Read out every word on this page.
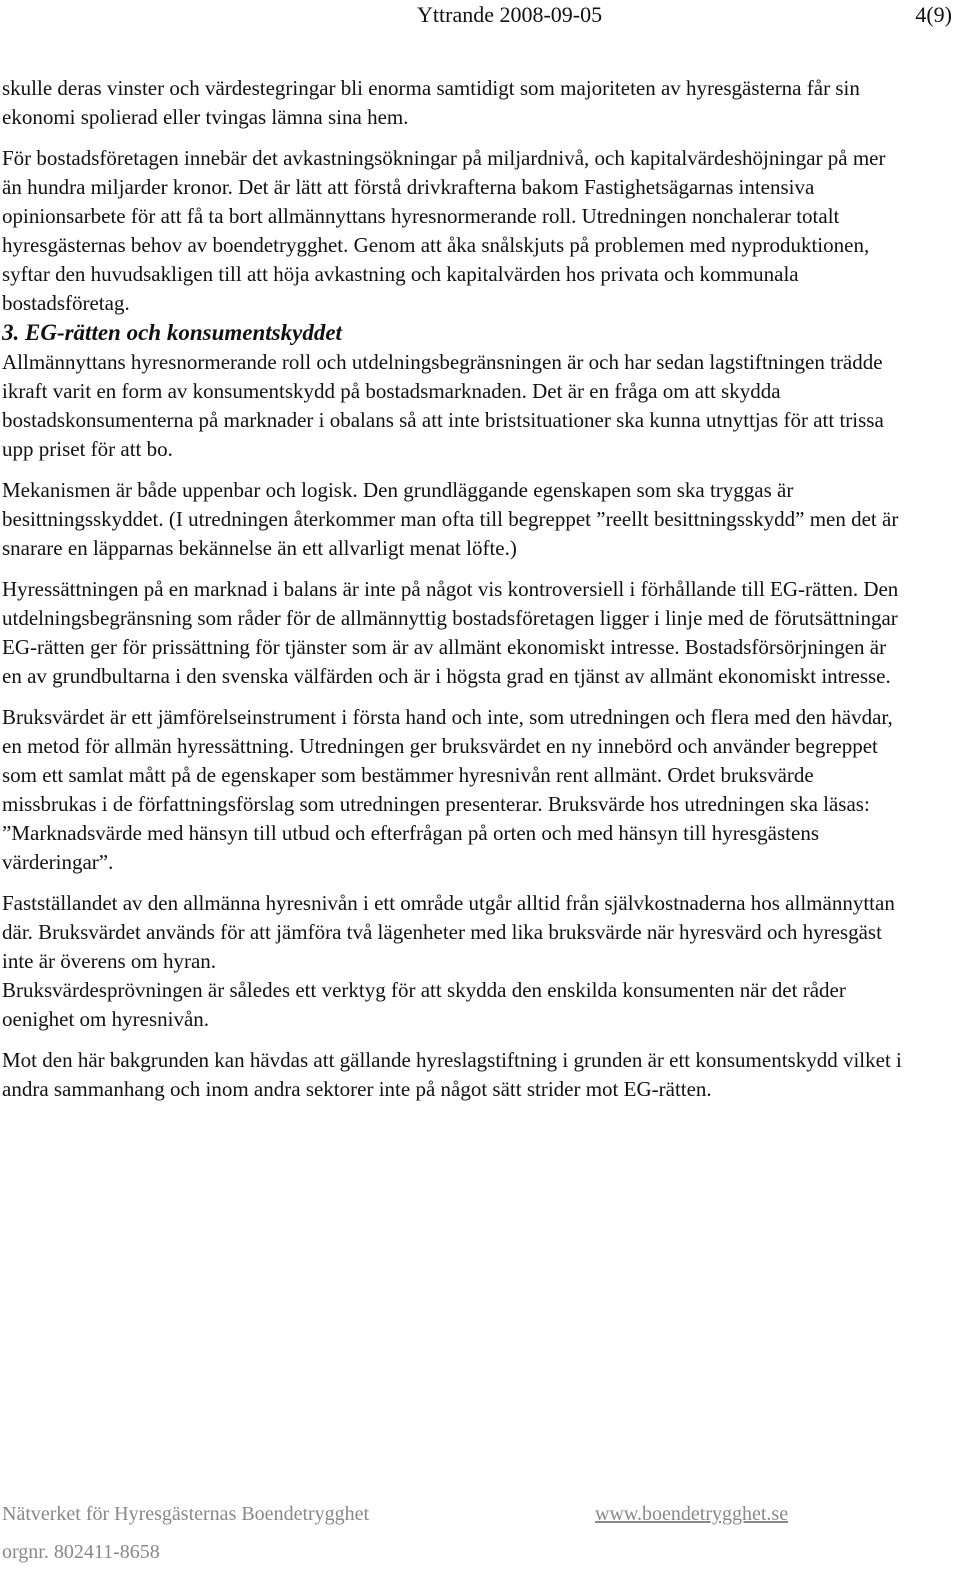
Yttrande 2008-09-05	4(9)

skulle deras vinster och värdestegringar bli enorma samtidigt som majoriteten av hyresgästerna får sin ekonomi spolierad eller tvingas lämna sina hem.

För bostadsföretagen innebär det avkastningsökningar på miljardnivå, och kapitalvärdeshöjningar på mer än hundra miljarder kronor. Det är lätt att förstå drivkrafterna bakom Fastighetsägarnas intensiva opinionsarbete för att få ta bort allmännyttans hyresnormerande roll. Utredningen nonchalerar totalt hyresgästernas behov av boendetrygghet. Genom att åka snålskjuts på problemen med nyproduktionen, syftar den huvudsakligen till att höja avkastning och kapitalvärden hos privata och kommunala bostadsföretag.

3. EG-rätten och konsumentskyddet

Allmännyttans hyresnormerande roll och utdelningsbegränsningen är och har sedan lagstiftningen trädde ikraft varit en form av konsumentskydd på bostadsmarknaden. Det är en fråga om att skydda bostadskonsumenterna på marknader i obalans så att inte bristsituationer ska kunna utnyttjas för att trissa upp priset för att bo.

Mekanismen är både uppenbar och logisk. Den grundläggande egenskapen som ska tryggas är besittningsskyddet. (I utredningen återkommer man ofta till begreppet ”reellt besittningsskydd” men det är snarare en läpparnas bekännelse än ett allvarligt menat löfte.)

Hyressättningen på en marknad i balans är inte på något vis kontroversiell i förhållande till EG-rätten. Den utdelningsbegränsning som råder för de allmännyttig bostadsföretagen ligger i linje med de förutsättningar EG-rätten ger för prissättning för tjänster som är av allmänt ekonomiskt intresse. Bostadsförsörjningen är en av grundbultarna i den svenska välfärden och är i högsta grad en tjänst av allmänt ekonomiskt intresse.

Bruksvärdet är ett jämförelseinstrument i första hand och inte, som utredningen och flera med den hävdar, en metod för allmän hyressättning. Utredningen ger bruksvärdet en ny innebörd och använder begreppet som ett samlat mått på de egenskaper som bestämmer hyresnivån rent allmänt. Ordet bruksvärde missbrukas i de författningsförslag som utredningen presenterar. Bruksvärde hos utredningen ska läsas: ”Marknadsvärde med hänsyn till utbud och efterfrågan på orten och med hänsyn till hyresgästens värderingar”.

Fastställandet av den allmänna hyresnivån i ett område utgår alltid från självkostnaderna hos allmännyttan där. Bruksvärdet används för att jämföra två lägenheter med lika bruksvärde när hyresvärd och hyresgäst inte är överens om hyran.

Bruksvärdesprövningen är således ett verktyg för att skydda den enskilda konsumenten när det råder oenighet om hyresnivån.

Mot den här bakgrunden kan hävdas att gällande hyreslagstiftning i grunden är ett konsumentskydd vilket i andra sammanhang och inom andra sektorer inte på något sätt strider mot EG-rätten.

Nätverket för Hyresgästernas Boendetrygghet	www.boendetrygghet.se
orgnr. 802411-8658
